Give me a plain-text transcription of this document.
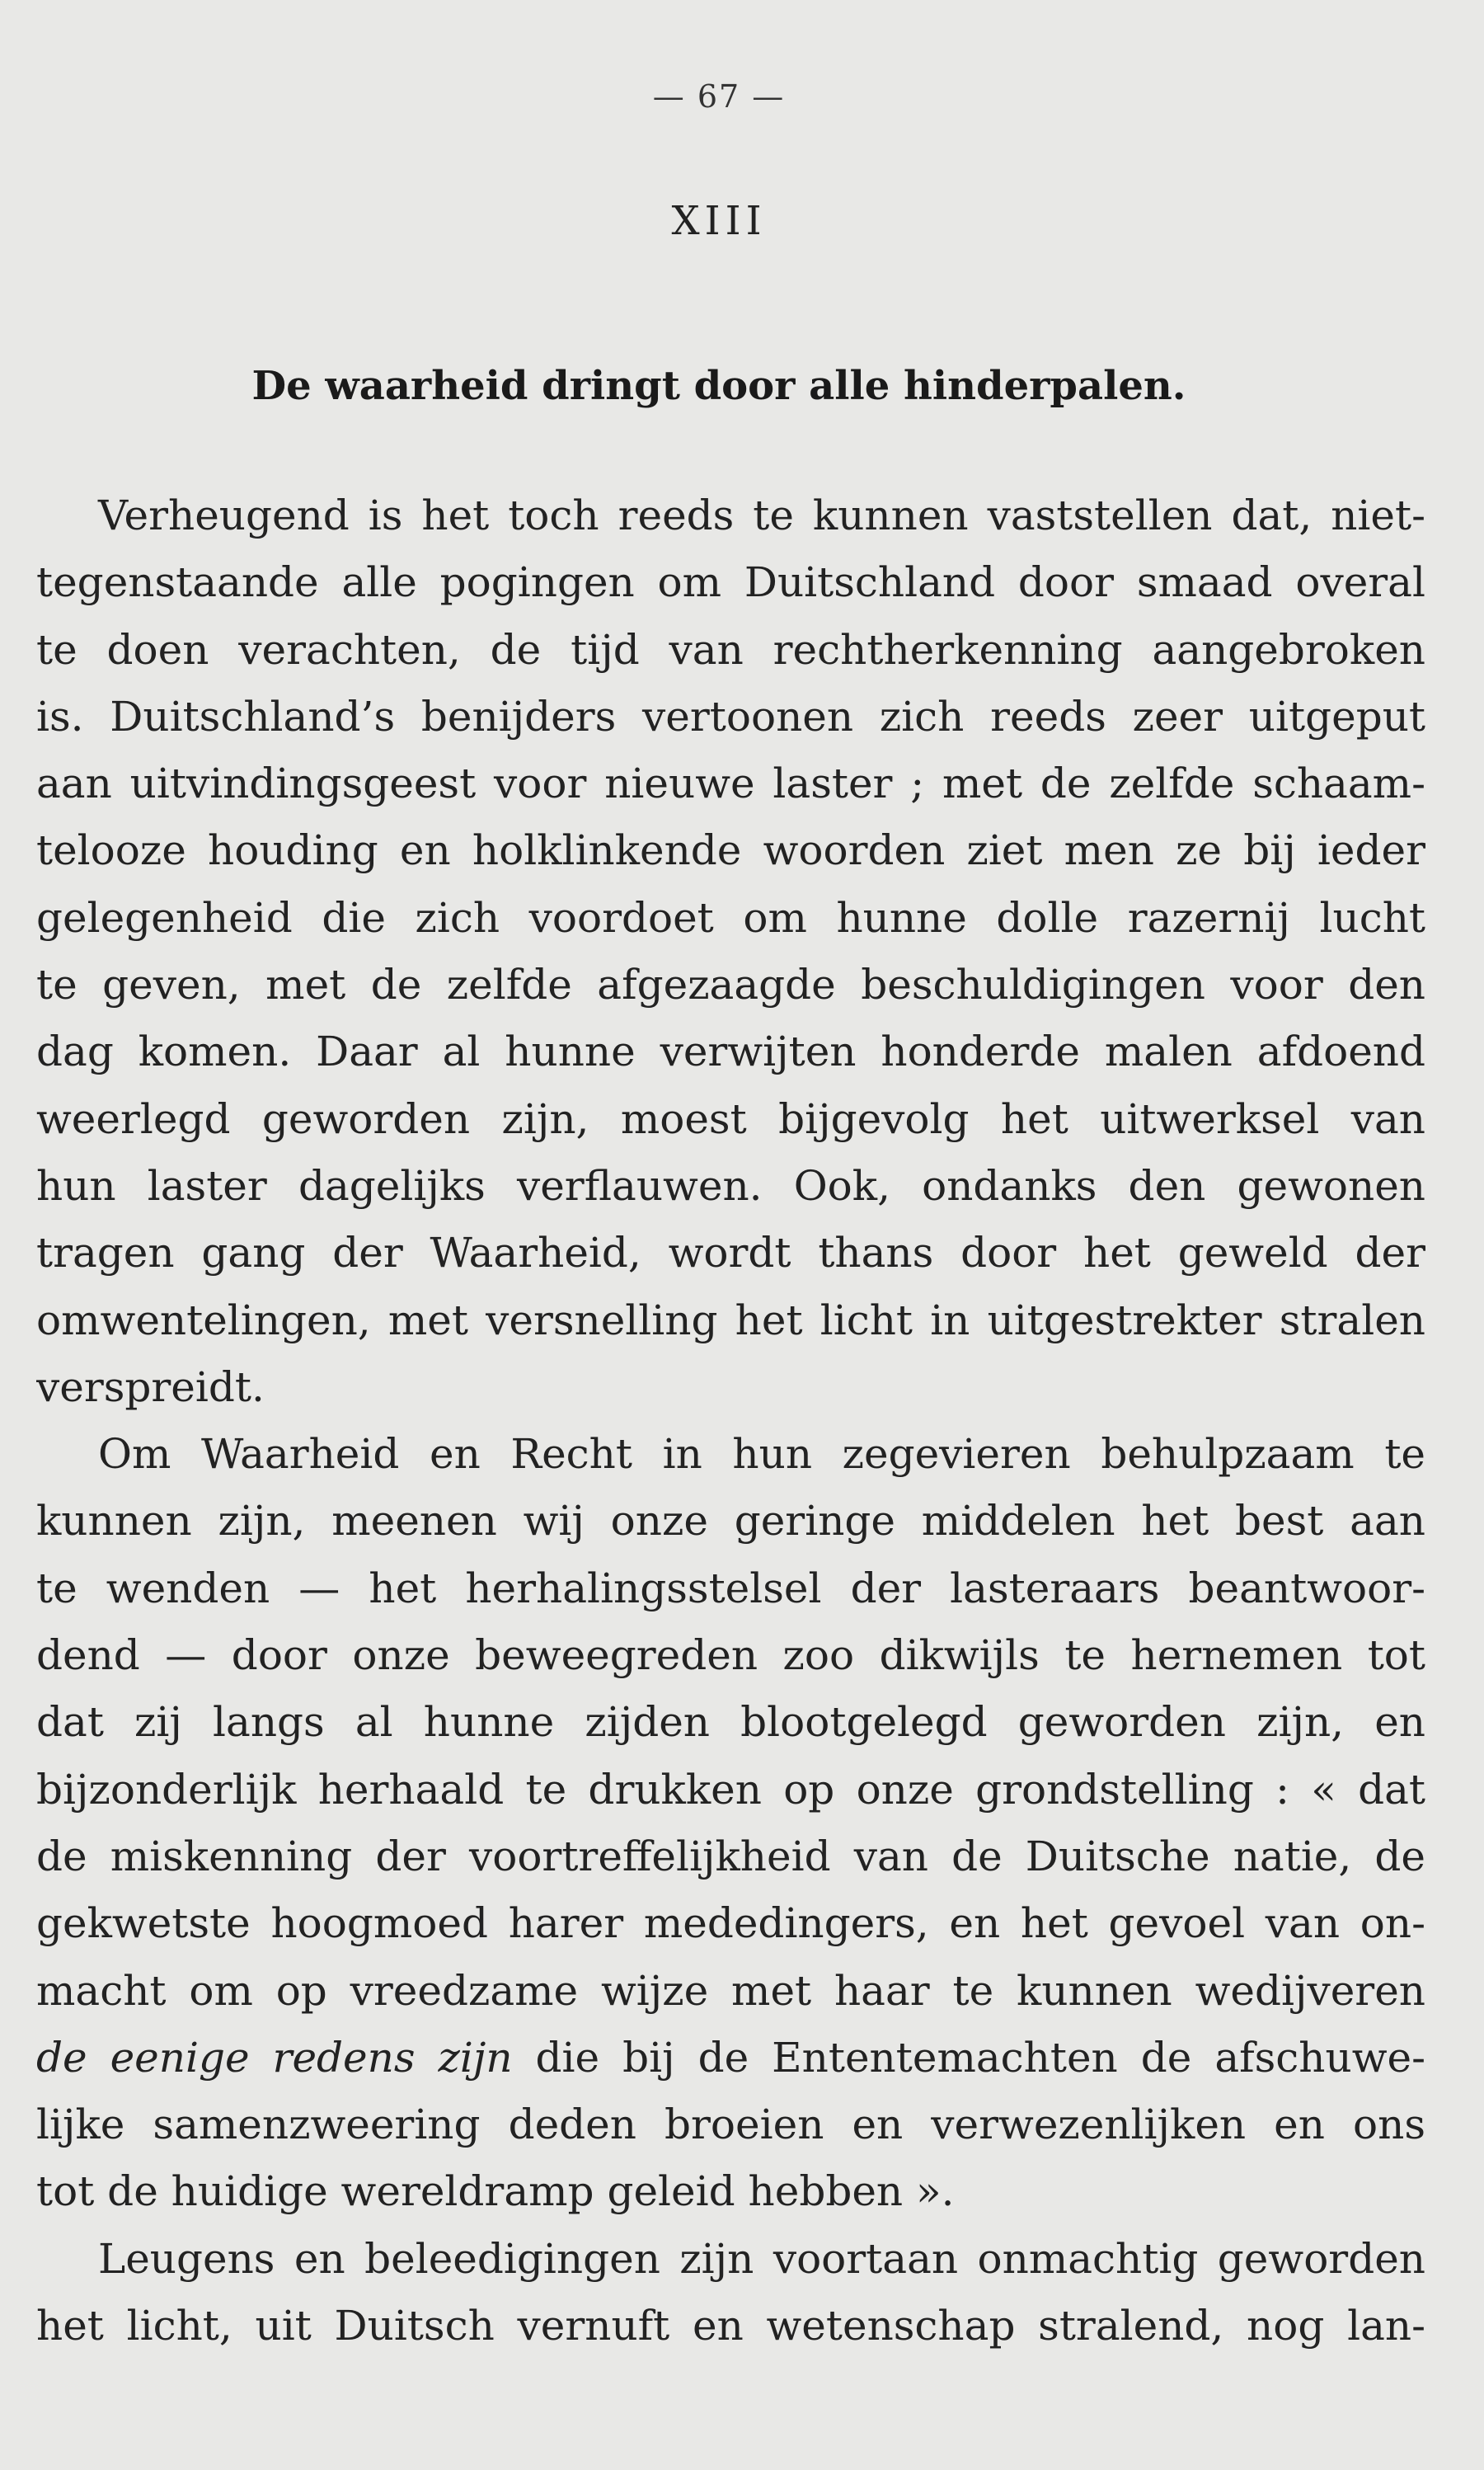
— 67 —
XIII
De waarheid dringt door alle hinderpalen.
Verheugend is het toch reeds te kunnen vaststellen dat, niet-
tegenstaande alle pogingen om Duitschland door smaad overal
te doen verachten, de tijd van rechtherkenning aangebroken
is. Duitschland’s benijders vertoonen zich reeds zeer uitgeput
aan uitvindingsgeest voor nieuwe laster ; met de zelfde schaam-
telooze houding en holklinkende woorden ziet men ze bij ieder
gelegenheid die zich voordoet om hunne dolle razernij lucht
te geven, met de zelfde afgezaagde beschuldigingen voor den
dag komen. Daar al hunne verwijten honderde malen afdoend
weerlegd geworden zijn, moest bijgevolg het uitwerksel van
hun laster dagelijks verflauwen. Ook, ondanks den gewonen
tragen gang der Waarheid, wordt thans door het geweld der
omwentelingen, met versnelling het licht in uitgestrekter stralen
verspreidt.
Om Waarheid en Recht in hun zegevieren behulpzaam te
kunnen zijn, meenen wij onze geringe middelen het best aan
te wenden — het herhalingsstelsel der lasteraars beantwoor-
dend — door onze beweegreden zoo dikwijls te hernemen tot
dat zij langs al hunne zijden blootgelegd geworden zijn, en
bijzonderlijk herhaald te drukken op onze grondstelling : « dat
de miskenning der voortreffelijkheid van de Duitsche natie, de
gekwetste hoogmoed harer mededingers, en het gevoel van on-
macht om op vreedzame wijze met haar te kunnen wedijveren
de eenige redens zijn die bij de Ententemachten de afschuwe-
lijke samenzweering deden broeien en verwezenlijken en ons
tot de huidige wereldramp geleid hebben ».
Leugens en beleedigingen zijn voortaan onmachtig geworden
het licht, uit Duitsch vernuft en wetenschap stralend, nog lan-
